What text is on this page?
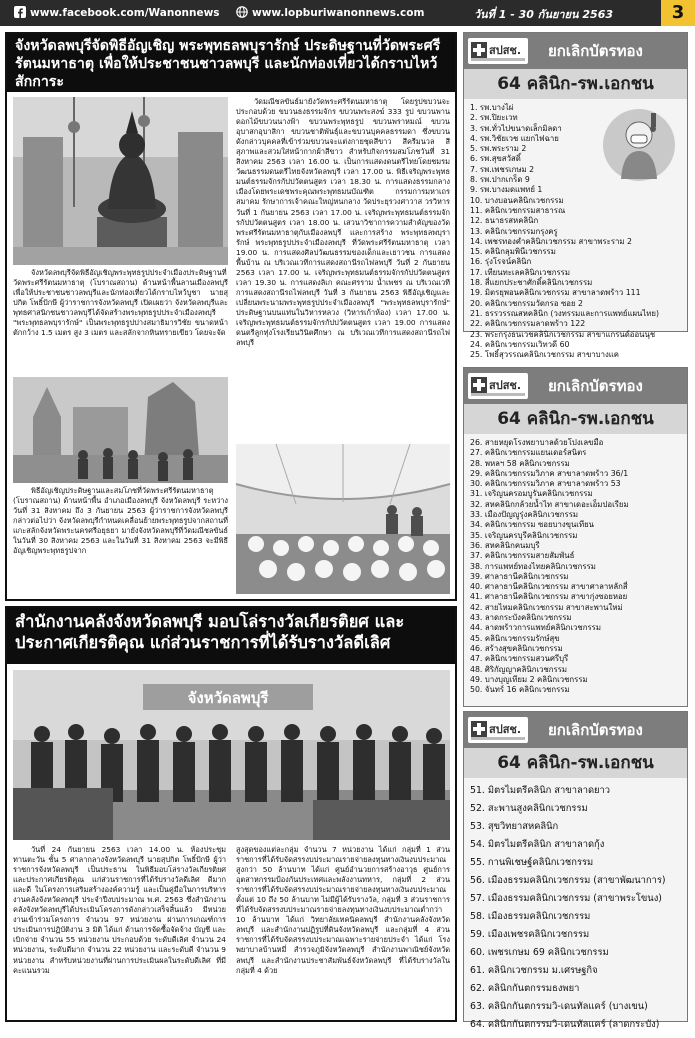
www.facebook.com/Wanonnews	www.lopburiwanonnews.com	วันที่ 1 - 30 กันยายน 2563	3
จังหวัดลพบุรีจัดพิธีอัญเชิญ พระพุทธลพบุรารักษ์ ประดิษฐานที่วัดพระศรีรัตนมหาธาตุ เพื่อให้ประชาชนชาวลพบุรี และนักท่องเที่ยวได้กราบไหว้สักการะ

จังหวัดลพบุรีจัดพิธีอัญเชิญพระพุทธรูปประจำเมืองประดิษฐานที่วัดพระศรีรัตนมหาธาตุ (โบราณสถาน) ด้านหน้าพื้นลานเมืองลพบุรี เพื่อให้ประชาชนชาวลพบุรีและนักท่องเที่ยวได้กราบไหว้บูชา นายสุปกิต โพธิ์ปักษี ผู้ว่าราชการจังหวัดลพบุรี เปิดเผยว่า จังหวัดลพบุรีและพุทธศาสนิกชนชาวลพบุรีได้จัดสร้างพระพุทธรูปประจำเมืองลพบุรี "พระพุทธลพบุรารักษ์" เป็นพระพุทธรูปปางสมาธิมารวิชัย ขนาดหน้าตักกว้าง 1.5 เมตร สูง 3 เมตร และสลักจากหินทรายเขียว โดยจะจัด

พิธีอัญเชิญประดิษฐานและสมโภชที่วัดพระศรีรัตนมหาธาตุ (โบราณสถาน) ด้านหน้าพื้น อำเภอเมืองลพบุรี จังหวัดลพบุรี ระหว่างวันที่ 31 สิงหาคม ถึง 3 กันยายน 2563 ผู้ว่าราชการจังหวัดลพบุรี กล่าวต่อไปว่า จังหวัดลพบุรีกำหนดเคลื่อนย้ายพระพุทธรูปจากสถานที่แกะสลักจังหวัดพระนครศรีอยุธยา มายังจังหวัดลพบุรีที่วัดมณีชลขันธ์ในวันที่ 30 สิงหาคม 2563 และในวันที่ 31 สิงหาคม 2563 จะมีพิธีอัญเชิญพระพุทธรูปจาก

วัดมณีชลขันธ์มายังวัดพระศรีรัตนมหาธาตุ โดยรูปขบวนจะประกอบด้วย ขบวนธงธรรมจักร ขบวนพระสงฆ์ 333 รูป ขบวนพานดอกไม้ขบวนนางฟ้า ขบวนพระพุทธรูป ขบวนพราหมณ์ ขบวนอุบาสกอุบาสิกา ขบวนชาติพันธุ์และขบวนบุคคลธรรมดา ซึ่งขบวนดังกล่าวบุคคลที่เข้าร่วมขบวนจะแต่งกายชุดสีขาว สีครีมนวล สีสุภาพและสวมใส่หน้ากากผ้าสีขาว สำหรับกิจกรรมสมโภชวันที่ 31 สิงหาคม 2563 เวลา 16.00 น. เป็นการแสดงดนตรีไทยโดยชมรมวัฒนธรรมดนตรีไทยจังหวัดลพบุรี เวลา 17.00 น. พิธีเจริญพระพุทธมนต์ธรรมจักรกัปปวัตตนสูตร เวลา 18.30 น. การแสดงธรรมกลางเมืองโดยพระเดชพระคุณพระพุทธมนบัณฑิต กรรมการมหาเถรสมาคม รักษาการเจ้าคณะใหญ่หนกลาง วัดประยุรวงศาวาส วรวิหาร วันที่ 1 กันยายน 2563 เวลา 17.00 น. เจริญพระพุทธมนต์ธรรมจักรกัปปวัตตนสูตร เวลา 18.00 น. เสวนาวิชาการความสำคัญของวัดพระศรีรัตนมหาธาตุกับเมืองลพบุรี และการสร้าง พระพุทธลพบุรารักษ์ พระพุทธรูปประจำเมืองลพบุรี ที่วัดพระศรีรัตนมหาธาตุ เวลา 19.00 น. การแสดงศิลปวัฒนธรรมของเด็กและเยาวชน การแสดงพื้นบ้าน ณ บริเวณเวทีการแสดงสถานีรถไฟลพบุรี วันที่ 2 กันยายน 2563 เวลา 17.00 น. เจริญพระพุทธมนต์ธรรมจักรกัปปวัตตนสูตร เวลา 19.30 น. การแสดงลิเก คณะศรราม น้ำเพชร ณ บริเวณเวทีการแสดงสถานีรถไฟลพบุรี วันที่ 3 กันยายน 2563 พิธีอัญเชิญและเปลี่ยนพระนามพระพุทธรูปประจำเมืองลพบุรี "พระพุทธลพบุรารักษ์" ประดิษฐานบนแท่นในวิหารหลวง (วิหารเก้าห้อง) เวลา 17.00 น. เจริญพระพุทธมนต์ธรรมจักรกัปปวัตตนสูตร เวลา 19.00 การแสดงดนตรีลูกทุ่งโรงเรียนวินิตศึกษา ณ บริเวณเวทีการแสดงสถานีรถไฟลพบุรี

สำนักงานคลังจังหวัดลพบุรี มอบโล่รางวัลเกียรติยศ และประกาศเกียรติคุณ แก่ส่วนราชการที่ได้รับรางวัลดีเลิศ
จังหวัดลพบุรี

วันที่ 24 กันยายน 2563 เวลา 14.00 น. ห้องประชุมทานตะวัน ชั้น 5 ศาลากลางจังหวัดลพบุรี นายสุปกิต โพธิ์ปักษี ผู้ว่าราชการจังหวัดลพบุรี เป็นประธาน ในพิธีมอบโล่รางวัลเกียรติยศ และประกาศเกียรติคุณ แก่ส่วนราชการที่ได้รับรางวัลดีเลิศ ดีมาก และดี ในโครงการเสริมสร้างองค์ความรู้ และเป็นคู่มือในการบริหารงานคลังจังหวัดลพบุรี ประจำปีงบประมาณ พ.ศ. 2563 ซึ่งสำนักงานคลังจังหวัดลพบุรีได้ประเมินโครงการดังกล่าวเสร็จสิ้นแล้ว มีหน่วยงานเข้าร่วมโครงการ จำนวน 97 หน่วยงาน ผ่านการเกณฑ์การประเมินการปฏิบัติงาน 3 มิติ ได้แก่ ด้านการจัดซื้อจัดจ้าง บัญชี และเบิกจ่าย จำนวน 55 หน่วยงาน ประกอบด้วย ระดับดีเลิศ จำนวน 24 หน่วยงาน, ระดับดีมาก จำนวน 22 หน่วยงาน และระดับดี จำนวน 9 หน่วยงาน สำหรับหน่วยงานที่ผ่านการประเมินผลในระดับดีเลิศ ที่มีคะแนนรวม

สูงสุดของแต่ละกลุ่ม จำนวน 7 หน่วยงาน ได้แก่ กลุ่มที่ 1 ส่วนราชการที่ได้รับจัดสรรงบประมาณรายจ่ายลงทุนทางเงินงบประมาณสูงกว่า 50 ล้านบาท ได้แก่ ศูนย์อำนวยการสร้างอาวุธ ศูนย์การอุตสาหกรรมป้องกันประเทศและพลังงานทหาร, กลุ่มที่ 2 ส่วนราชการที่ได้รับจัดสรรงบประมาณรายจ่ายลงทุนทางเงินงบประมาณ ตั้งแต่ 10 ถึง 50 ล้านบาท ไม่มีผู้ได้รับรางวัล, กลุ่มที่ 3 ส่วนราชการที่ได้รับจัดสรรงบประมาณรายจ่ายลงทุนทางเงินงบประมาณต่ำกว่า 10 ล้านบาท ได้แก่ วิทยาลัยเทคนิคลพบุรี สำนักงานคลังจังหวัดลพบุรี และสำนักงานปฏิรูปที่ดินจังหวัดลพบุรี และกลุ่มที่ 4 ส่วนราชการที่ได้รับจัดสรรงบประมาณเฉพาะรายจ่ายประจำ ได้แก่ โรงพยาบาลบ้านหมี่ สำรวจภูมิจังหวัดลพบุรี สำนักงานพาณิชย์จังหวัดลพบุรี และสำนักงานประชาสัมพันธ์จังหวัดลพบุรี ที่ได้รับรางวัลในกลุ่มที่ 4 ด้วย

สปสช. ยกเลิกบัตรทอง
64 คลินิก-รพ.เอกชน
1. รพ.บางไผ่
2. รพ.ปิยะเวท
3. รพ.ทั่วไปขนาดเล็กมิลดา
4. รพ.วิชัยเวช แยกไฟฉาย
5. รพ.พระราม 2
6. รพ.สุขสวัสดิ์
7. รพ.เพชรเกษม 2
8. รพ.ปากเกร็ด 9
9. รพ.บางมดแพทย์ 1
10. บางบอนคลินิกเวชกรรม
11. คลินิกเวชกรรมสาธารณ
12. ธนาธรสหคลินิก
13. คลินิกเวชกรรมกรุงครู
14. เพชรทองคำคลินิกเวชกรรม สาขาพระราม 2
15. คลินิกลุมพินีเวชกรรม
16. รุ่งโรจน์คลินิก
17. เทียนทะเลคลินิกเวชกรรม
18. สี่แยกประชาศักดิ์คลินิกเวชกรรม
19. มิตรยุพอนคลินิกเวชกรรม สาขาลาดพร้าว 111
20. คลินิกเวชกรรมวัดกรอ ซอย 2
21. ธรรวรรณสหคลินิก (วงทรรมและการแพทย์แผนไทย)
22. คลินิกเวชกรรมลาดพร้าว 122
23. พระกรุงธนเวชคลินิกเวชกรรม สาขาแกรนด์อ่อนนุช
24. คลินิกเวชกรรมเวิทวดี 60
25. โพธิ์สุวรรณคลินิกเวชกรรม สาขาบางแค
สปสช. ยกเลิกบัตรทอง
64 คลินิก-รพ.เอกชน
26. สายหยุดโรงพยาบาลด้วยโปงเลขมือ
27. คลินิกเวชกรรมแยนเดอร์สนิตร
28. พหลฯ 58 คลินิกเวชกรรม
29. คลินิกเวชกรรมวิภาค สาขาลาดพร้าว 36/1
30. คลินิกเวชกรรมวิภาค สาขาลาดพร้าว 53
31. เจริญนครอมบูรันคลินิกเวชกรรม
32. สหคลินิกกล้วยน้ำไท สาขาเดอะเอ็มปอเรียม
33. เมืองปัญญูรุ่งคลินิกเวชกรรม
34. คลินิกเวชกรรม ซอยบางขุนเทียน
35. เจริญนครบุรีคลินิกเวชกรรม
36. สหคลินิกคนมบุรี
37. คลินิกเวชกรรมสายสัมพันธ์
38. การแพทย์ทองไทยคลินิกเวชกรรม
39. ศาลาธานีคลินิกเวชกรรม
40. ศาลาธานีคลินิกเวชกรรม สาขาศาลาหลักสี่
41. ศาลาธานีคลินิกเวชกรรม สาขากุ่งซอยหอย
42. สายไหมคลินิกเวชกรรม สาขาสะพานใหม่
43. ลาดกระบังคลินิกเวชกรรม
44. ลาดพร้าวการแพทย์คลินิกเวชกรรม
45. คลินิกเวชกรรมรักษ์สุข
46. สร้างสุขคลินิกเวชกรรม
47. คลินิกเวชกรรมสวนศรีบุรี
48. ศิริกัญญาคลินิกเวชกรรม
49. บางบุญเทียม 2 คลินิกเวชกรรม
50. จันทร์ 16 คลินิกเวชกรรม
สปสช. ยกเลิกบัตรทอง
64 คลินิก-รพ.เอกชน
51. มิตรไมตรีคลินิก สาขาลาดยาว
52. สะพานสูงคลินิกเวชกรรม
53. สุขวิทยาสหคลินิก
54. มิตรไมตรีคลินิก สาขาลาดกุ้ง
55. กานพิเชษฐ์คลินิกเวชกรรม
56. เมืองธรรมคลินิกเวชกรรม (สาขาพัฒนาการ)
57. เมืองธรรมคลินิกเวชกรรม (สาขาพระโขนง)
58. เมืองธรรมคลินิกเวชกรรม
59. เมืองเพชรคลินิกเวชกรรม
60. เพชรเกษม 69 คลินิกเวชกรรม
61. คลินิกเวชกรรม ม.เศรษฐกิจ
62. คลินิกกันตกรรมธงพยา
63. คลินิกกันตกรรมวิ-เดนทัลแคร์ (บางเขน)
64. คลินิกกันตกรรมวิ-เดนทัลแคร์ (ลาดกระบัง)
